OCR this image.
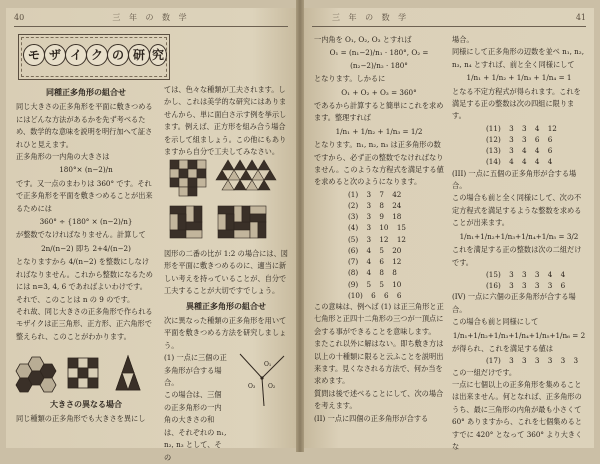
40	三 年 の 数 学
モ ザ イ ク の 研 究
同種正多角形の組合せ

同じ大きさの正多角形を平面に敷きつめるにはどんな方法があるかを先ず考べるため、数学的な意味を説明を明行加へて証されひと見えます。

正多角形の一内角の大きさは

180°× (n−2)/n

です。又一点のまわりは 360° です。それで正多角形を平面を敷きつめることが出来るためには

360° ÷ {180° × (n−2)/n}

が整数でなければなりません。計算して

2n/(n−2) 即ち 2+4/(n−2)

となりますから 4/(n−2) を整数にしなければなりません。これから整数になるためには n=3, 4, 6 であればよいわけです。

それで、このことは n の 9 のです。

それ故、同じ大きさの正多角形で作られるモザイクは正三角形、正方形、正六角形で整えられ、このことがわかります。

大きさの異なる場合

同じ種類の正多角形でも大きさを異にし

ては、色々な種類が工夫されます。しかし、これは美学的な研究にはありませんから、単に面白さ示す例を挙示します。例えば、正方形を組み合う場合を示して組ましょう。この他にもありますから自分で工夫してみなさい。

図形の二番の比が 1:2 の場合には、図形を平面に敷きつめるのに、適当に新しい考えを持っていることが、自分で工夫することが大切ですでしょう。

異種正多角形の組合せ

次に異なった種類の正多角形を用いて平面を敷きつめる方法を研究しましょう。

(1) 一点に三個の正多角形が合する場合。

この場合は、三個の正多角形の一内角の大きさの和は、それぞれの n₁, n₂, n₃ として、その

O₁
O₂
O₃
三 年 の 数 学	41

一内角を O₁, O₂, O₃ とすれば

O₁ = (n₁−2)/n₁ · 180°, O₂ = (n₂−2)/n₂ · 180°

となります。しかるに

O₁ + O₂ + O₃ = 360°

であるから計算すると簡単にこれを求めます。整理すれば

1/n₁ + 1/n₂ + 1/n₃ = 1/2

となります。n₁, n₂, n₃ は正多角形の数ですから、必ず正の整数でなければなりません。このような方程式を満足する値を求めると次のようになります。

(1) 3 7 42
(2) 3 8 24
(3) 3 9 18
(4) 3 10 15
(5) 3 12 12
(6) 4 5 20
(7) 4 6 12
(8) 4 8 8
(9) 5 5 10
(10) 6 6 6

この意味は、例へば (1) は正三角形と正七角形と正四十二角形の三つが一頂点に会する事ができることを意味します。

またこれ以外に解はない。即ち敷き方は以上の十種類に限ると云ふことを説明出来ます。見くなされる方法で、何か当を求めます。

質問は後で述べることにして、次の場合を考えます。

(II) 一点に四個の正多角形が合する

場合。

同様にして正多角形の辺数を並べ n₁, n₂, n₃, n₄ とすれば、前と全く同様にして

1/n₁ + 1/n₂ + 1/n₃ + 1/n₄ = 1

となる不定方程式が得られます。これを満足する正の整数は次の四組に限ります。

(11) 3 3 4 12
(12) 3 3 6 6
(13) 3 4 4 6
(14) 4 4 4 4

(III) 一点に五個の正多角形が合する場合。

この場合も前と全く同様にして、次の不定方程式を満足するような整数を求めることが出来ます。

1/n₁+1/n₂+1/n₃+1/n₄+1/n₅ = 3/2

これを満足する正の整数は次の二組だけです。

(15) 3 3 3 4 4
(16) 3 3 3 3 6

(IV) 一点に六個の正多角形が合する場合。

この場合も前と同様にして

1/n₁+1/n₂+1/n₃+1/n₄+1/n₅+1/n₆ = 2

が得られ、これを満足する値は

(17) 3 3 3 3 3 3

この一組だけです。

一点に七個以上の正多角形を集めることは出来ません。何となれば、正多角形のうち、最に三角形の内角が最も小さくて 60° ありますから、これを七個集めるとすでに 420° となって 360° より大きくな
